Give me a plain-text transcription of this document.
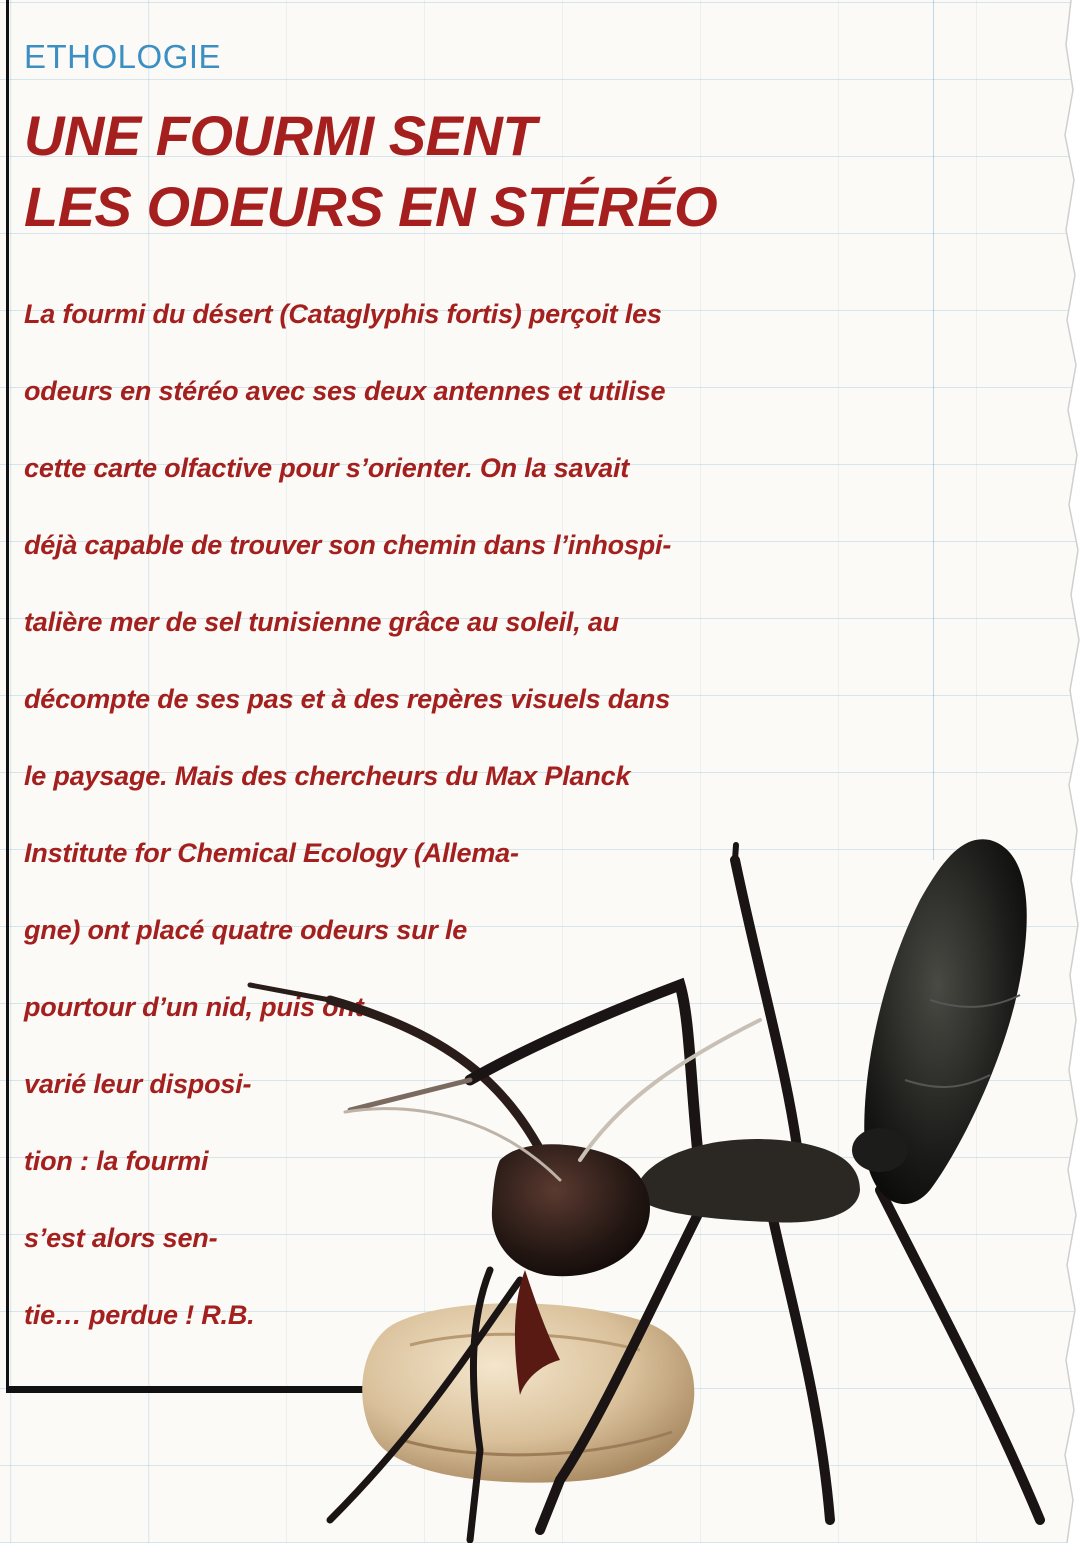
ETHOLOGIE
UNE FOURMI SENT
LES ODEURS EN STÉRÉO
La fourmi du désert (Cataglyphis fortis) perçoit les
odeurs en stéréo avec ses deux antennes et utilise
cette carte olfactive pour s’orienter. On la savait
déjà capable de trouver son chemin dans l’inhospi-
talière mer de sel tunisienne grâce au soleil, au
décompte de ses pas et à des repères visuels dans
le paysage. Mais des chercheurs du Max Planck
Institute for Chemical Ecology (Allema-
gne) ont placé quatre odeurs sur le
pourtour d’un nid, puis ont
varié leur disposi-
tion : la fourmi
s’est alors sen-
tie… perdue ! R.B.
